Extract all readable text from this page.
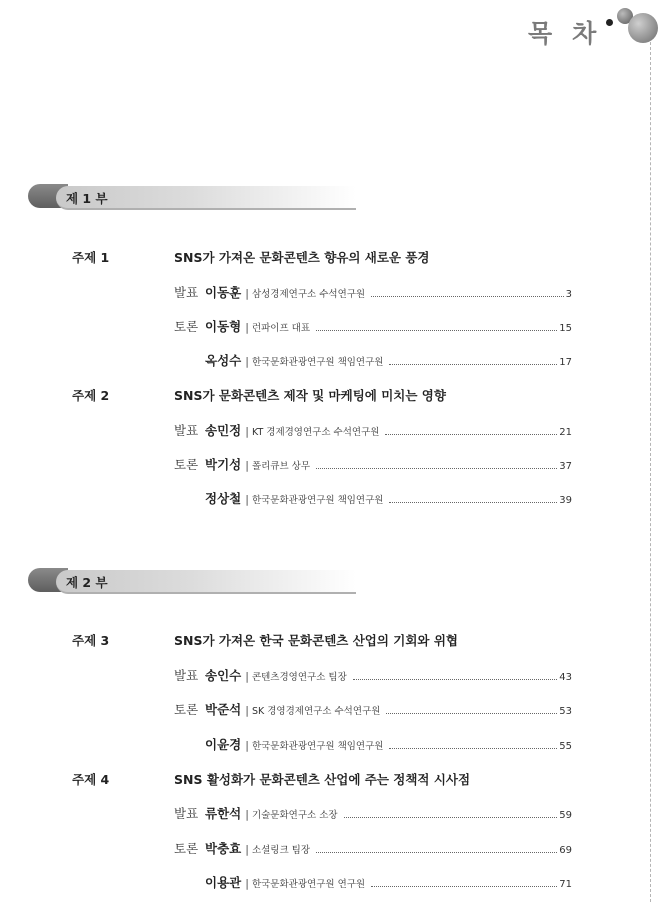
목 차
제 1 부
주제 1	SNS가 가져온 문화콘텐츠 향유의 새로운 풍경
발표 이동훈 | 삼성경제연구소 수석연구원	3
토론 이동형 | 런파이프 대표	15
옥성수 | 한국문화관광연구원 책임연구원	17
주제 2	SNS가 문화콘텐츠 제작 및 마케팅에 미치는 영향
발표 송민정 | KT 경제경영연구소 수석연구원	21
토론 박기성 | 폴리큐브 상무	37
정상철 | 한국문화관광연구원 책임연구원	39
제 2 부
주제 3	SNS가 가져온 한국 문화콘텐츠 산업의 기회와 위협
발표 송인수 | 콘텐츠경영연구소 팀장	43
토론 박준석 | SK 경영경제연구소 수석연구원	53
이윤경 | 한국문화관광연구원 책임연구원	55
주제 4	SNS 활성화가 문화콘텐츠 산업에 주는 정책적 시사점
발표 류한석 | 기술문화연구소 소장	59
토론 박충효 | 소셜링크 팀장	69
이용관 | 한국문화관광연구원 연구원	71
